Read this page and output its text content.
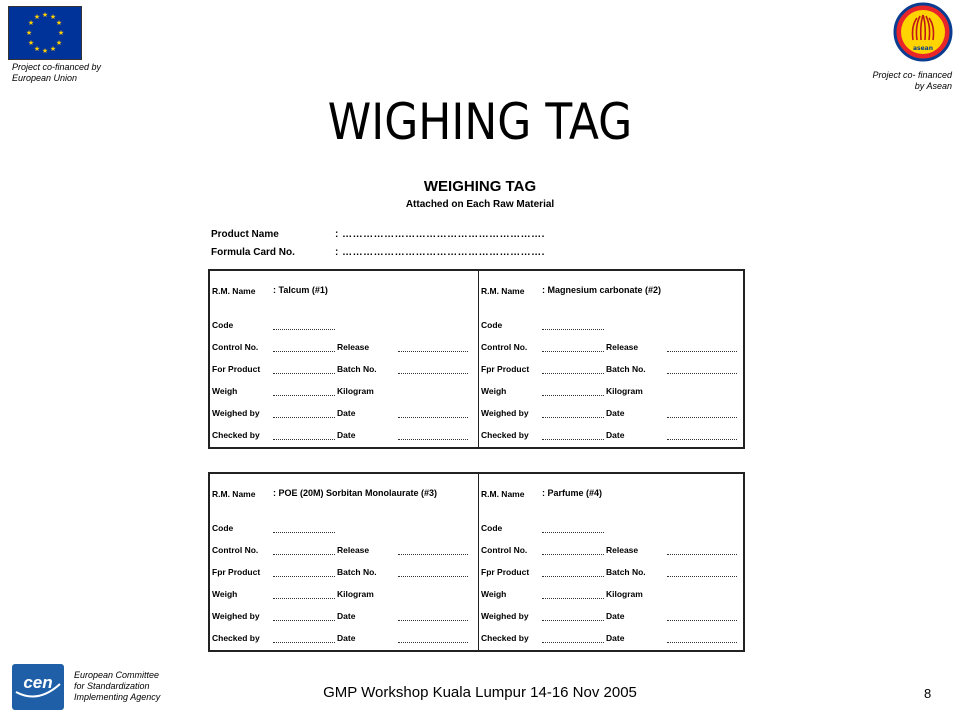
★ ★
★
★
★
★
★
★
★
★
★
★
Project co-financed by
European Union
asean
Project co- financed
by Asean
WIGHING TAG
WEIGHING TAG
Attached on Each Raw Material
Product Name	: ………………………………………………….
Formula Card No.	: ………………………………………………….
R.M. Name : Talcum (#1)
Code
Control No.	Release
For Product	Batch No.
Weigh	Kilogram
Weighed by	Date
Checked by	Date
R.M. Name : Magnesium carbonate (#2)
Code
Control No.	Release
Fpr Product	Batch No.
Weigh	Kilogram
Weighed by	Date
Checked by	Date
R.M. Name : POE (20M) Sorbitan Monolaurate (#3)
Code
Control No.	Release
Fpr Product	Batch No.
Weigh	Kilogram
Weighed by	Date
Checked by	Date
R.M. Name : Parfume (#4)
Code
Control No.	Release
Fpr Product	Batch No.
Weigh	Kilogram
Weighed by	Date
Checked by	Date
cen European Committee
for Standardization
Implementing Agency	GMP Workshop Kuala Lumpur 14-16 Nov 2005	8
